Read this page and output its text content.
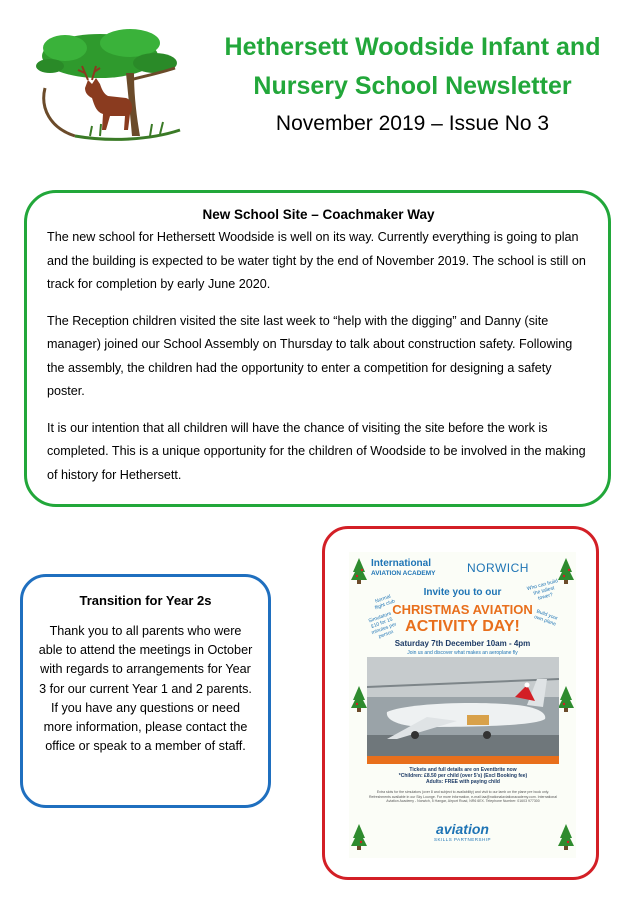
Hethersett Woodside Infant and
Nursery School Newsletter
November 2019 – Issue No 3
New School Site – Coachmaker Way

The new school for Hethersett Woodside is well on its way. Currently everything is going to plan and the building is expected to be water tight by the end of November 2019. The school is still on track for completion by early June 2020.

The Reception children visited the site last week to “help with the digging” and Danny (site manager) joined our School Assembly on Thursday to talk about construction safety. Following the assembly, the children had the opportunity to enter a competition for designing a safety poster.

It is our intention that all children will have the chance of visiting the site before the work is completed. This is a unique opportunity for the children of Woodside to be involved in the making of history for Hethersett.

Transition for Year 2s

Thank you to all parents who were able to attend the meetings in October with regards to arrangements for Year 3 for our current Year 1 and 2 parents. If you have any questions or need more information, please contact the office or speak to a member of staff.

International
AVIATION ACADEMY	NORWICH
Invite you to our
CHRISTMAS AVIATION
ACTIVITY DAY!
Saturday 7th December 10am - 4pm
Join us and discover what makes an aeroplane fly
Normal flight club
Simulators £10 for 15 minutes per person
Who can build the tallest tower?
Build your own plane
Tickets and full details are on Eventbrite now
*Children: £8.50 per child (over 5's) (Excl Booking fee)
Adults: FREE with paying child
Extra slots for the simulators (over 8 and subject to availability) and visit to our lamb on the plane pre book only. Refreshments available in our Sky Lounge. For more information, e-mail iaa@nationalaviationacademy.com. International Aviation Academy - Norwich, 5 Hangar, Airport Road, NR6 6EX. Telephone Number: 01603 977300
aviation
SKILLS PARTNERSHIP
